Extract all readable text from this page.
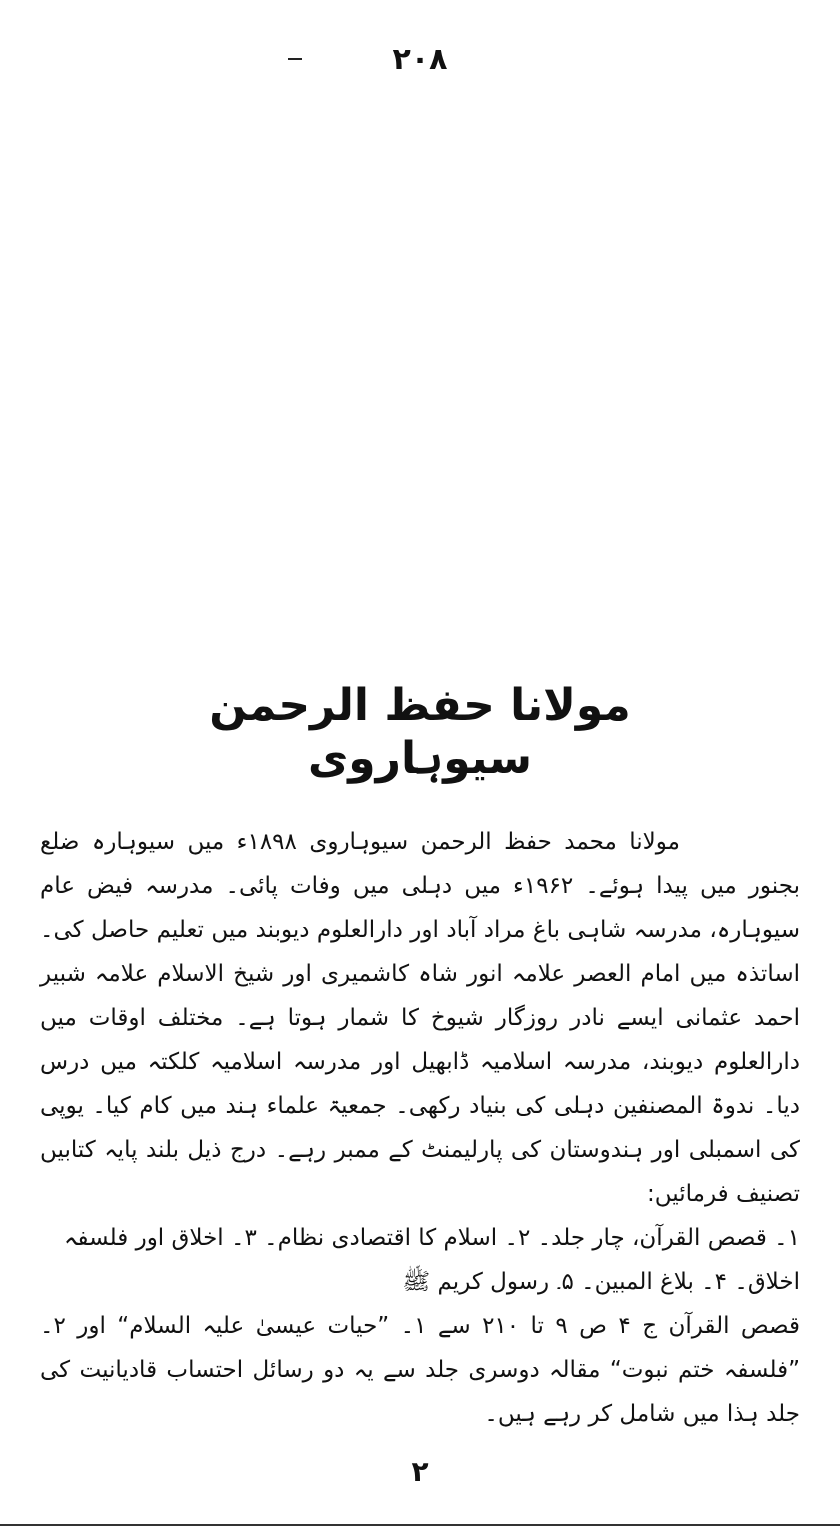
۲۰۸
مولانا حفظ الرحمن سیوہاروی

مولانا محمد حفظ الرحمن سیوہاروی ۱۸۹۸ء میں سیوہارہ ضلع بجنور میں پیدا ہوئے۔ ۱۹۶۲ء میں دہلی میں وفات پائی۔ مدرسہ فیض عام سیوہارہ، مدرسہ شاہی باغ مراد آباد اور دارالعلوم دیوبند میں تعلیم حاصل کی۔ اساتذہ میں امام العصر علامہ انور شاہ کاشمیری اور شیخ الاسلام علامہ شبیر احمد عثمانی ایسے نادر روزگار شیوخ کا شمار ہوتا ہے۔ مختلف اوقات میں دارالعلوم دیوبند، مدرسہ اسلامیہ ڈابھیل اور مدرسہ اسلامیہ کلکتہ میں درس دیا۔ ندوۃ المصنفین دہلی کی بنیاد رکھی۔ جمعیۃ علماء ہند میں کام کیا۔ یوپی کی اسمبلی اور ہندوستان کی پارلیمنٹ کے ممبر رہے۔ درج ذیل بلند پایہ کتابیں تصنیف فرمائیں:

۱۔ قصص القرآن، چار جلد۔ ۲۔ اسلام کا اقتصادی نظام۔ ۳۔ اخلاق اور فلسفہ

اخلاق۔ ۴۔ بلاغ المبین۔ ۵۔ رسول کریم ﷺ

قصص القرآن ج ۴ ص ۹ تا ۲۱۰ سے ۱۔ ”حیات عیسیٰ علیہ السلام“ اور ۲۔ ”فلسفہ ختم نبوت“ مقالہ دوسری جلد سے یہ دو رسائل احتساب قادیانیت کی جلد ہذا میں شامل کر رہے ہیں۔

۲
